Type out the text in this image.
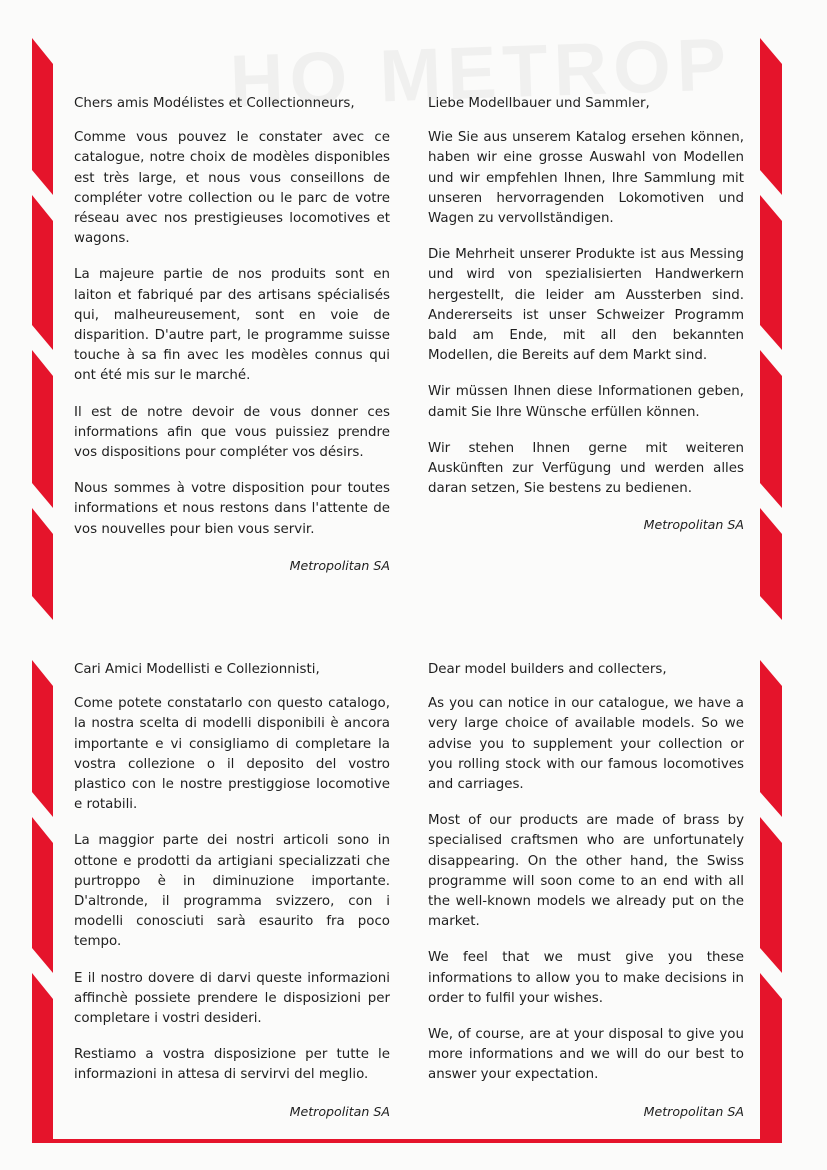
Chers amis Modélistes et Collectionneurs,

Comme vous pouvez le constater avec ce catalogue, notre choix de modèles disponibles est très large, et nous vous conseillons de compléter votre collection ou le parc de votre réseau avec nos prestigieuses locomotives et wagons.

La majeure partie de nos produits sont en laiton et fabriqué par des artisans spécialisés qui, malheureusement, sont en voie de disparition. D'autre part, le programme suisse touche à sa fin avec les modèles connus qui ont été mis sur le marché.

Il est de notre devoir de vous donner ces informations afin que vous puissiez prendre vos dispositions pour compléter vos désirs.

Nous sommes à votre disposition pour toutes informations et nous restons dans l'attente de vos nouvelles pour bien vous servir.

Metropolitan SA

Liebe Modellbauer und Sammler,

Wie Sie aus unserem Katalog ersehen können, haben wir eine grosse Auswahl von Modellen und wir empfehlen Ihnen, Ihre Sammlung mit unseren hervorragenden Lokomotiven und Wagen zu vervollständigen.

Die Mehrheit unserer Produkte ist aus Messing und wird von spezialisierten Handwerkern hergestellt, die leider am Aussterben sind. Andererseits ist unser Schweizer Programm bald am Ende, mit all den bekannten Modellen, die Bereits auf dem Markt sind.

Wir müssen Ihnen diese Informationen geben, damit Sie Ihre Wünsche erfüllen können.

Wir stehen Ihnen gerne mit weiteren Auskünften zur Verfügung und werden alles daran setzen, Sie bestens zu bedienen.

Metropolitan SA

Cari Amici Modellisti e Collezionnisti,

Come potete constatarlo con questo catalogo, la nostra scelta di modelli disponibili è ancora importante e vi consigliamo di completare la vostra collezione o il deposito del vostro plastico con le nostre prestiggiose locomotive e rotabili.

La maggior parte dei nostri articoli sono in ottone e prodotti da artigiani specializzati che purtroppo è in diminuzione importante. D'altronde, il programma svizzero, con i modelli conosciuti sarà esaurito fra poco tempo.

E il nostro dovere di darvi queste informazioni affinchè possiete prendere le disposizioni per completare i vostri desideri.

Restiamo a vostra disposizione per tutte le informazioni in attesa di servirvi del meglio.

Metropolitan SA

Dear model builders and collecters,

As you can notice in our catalogue, we have a very large choice of available models. So we advise you to supplement your collection or you rolling stock with our famous locomotives and carriages.

Most of our products are made of brass by specialised craftsmen who are unfortunately disappearing. On the other hand, the Swiss programme will soon come to an end with all the well-known models we already put on the market.

We feel that we must give you these informations to allow you to make decisions in order to fulfil your wishes.

We, of course, are at your disposal to give you more informations and we will do our best to answer your expectation.

Metropolitan SA
